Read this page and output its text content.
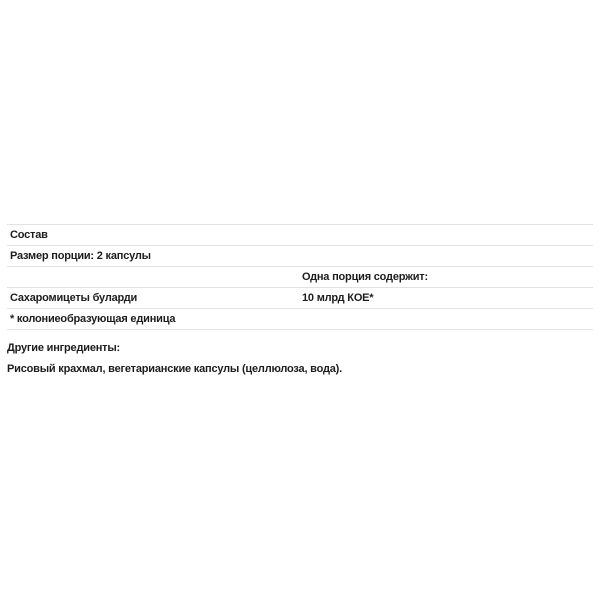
Состав
Размер порции: 2 капсулы
Одна порция содержит:
Сахаромицеты буларди	10 млрд КОЕ*
* колониеобразующая единица
Другие ингредиенты:
Рисовый крахмал, вегетарианские капсулы (целлюлоза, вода).
